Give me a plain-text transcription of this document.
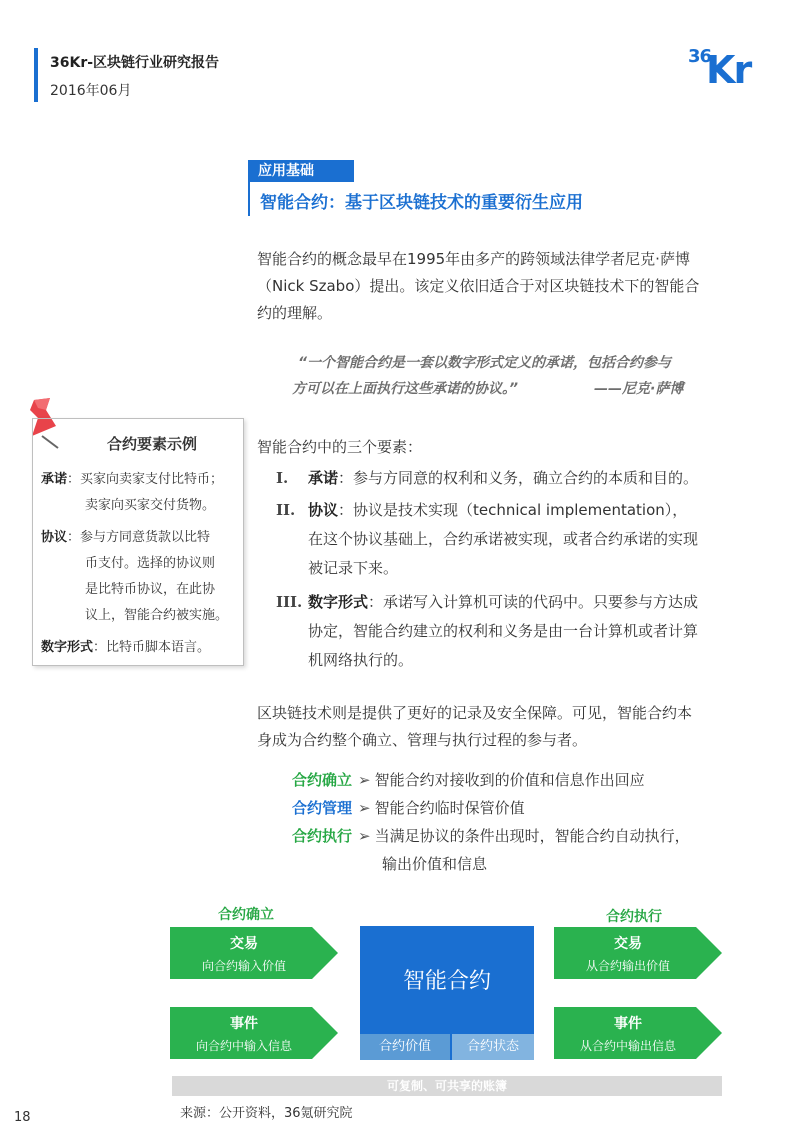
36Kr-区块链行业研究报告
2016年06月
36
Kr
应用基础
智能合约：基于区块链技术的重要衍生应用
智能合约的概念最早在1995年由多产的跨领域法律学者尼克·萨博
（Nick Szabo）提出。该定义依旧适合于对区块链技术下的智能合
约的理解。
“一个智能合约是一套以数字形式定义的承诺，包括合约参与
方可以在上面执行这些承诺的协议。”	——尼克·萨博
合约要素示例
承诺：买家向卖家支付比特币；
卖家向买家交付货物。
协议：参与方同意货款以比特
币支付。选择的协议则
是比特币协议，在此协
议上，智能合约被实施。
数字形式：比特币脚本语言。
智能合约中的三个要素：
I.	承诺：参与方同意的权利和义务，确立合约的本质和目的。
II. 协议：协议是技术实现（technical implementation），
在这个协议基础上，合约承诺被实现，或者合约承诺的实现
被记录下来。
III. 数字形式：承诺写入计算机可读的代码中。只要参与方达成
协定，智能合约建立的权利和义务是由一台计算机或者计算
机网络执行的。
区块链技术则是提供了更好的记录及安全保障。可见，智能合约本
身成为合约整个确立、管理与执行过程的参与者。
合约确立 ➢ 智能合约对接收到的价值和信息作出回应
合约管理 ➢ 智能合约临时保管价值
合约执行 ➢ 当满足协议的条件出现时，智能合约自动执行，
输出价值和信息
合约确立	合约执行
交易
向合约输入价值
事件
向合约中输入信息
智能合约
合约价值	合约状态
交易
从合约输出价值
事件
从合约中输出信息
可复制、可共享的账簿
来源：公开资料，36氪研究院
18
